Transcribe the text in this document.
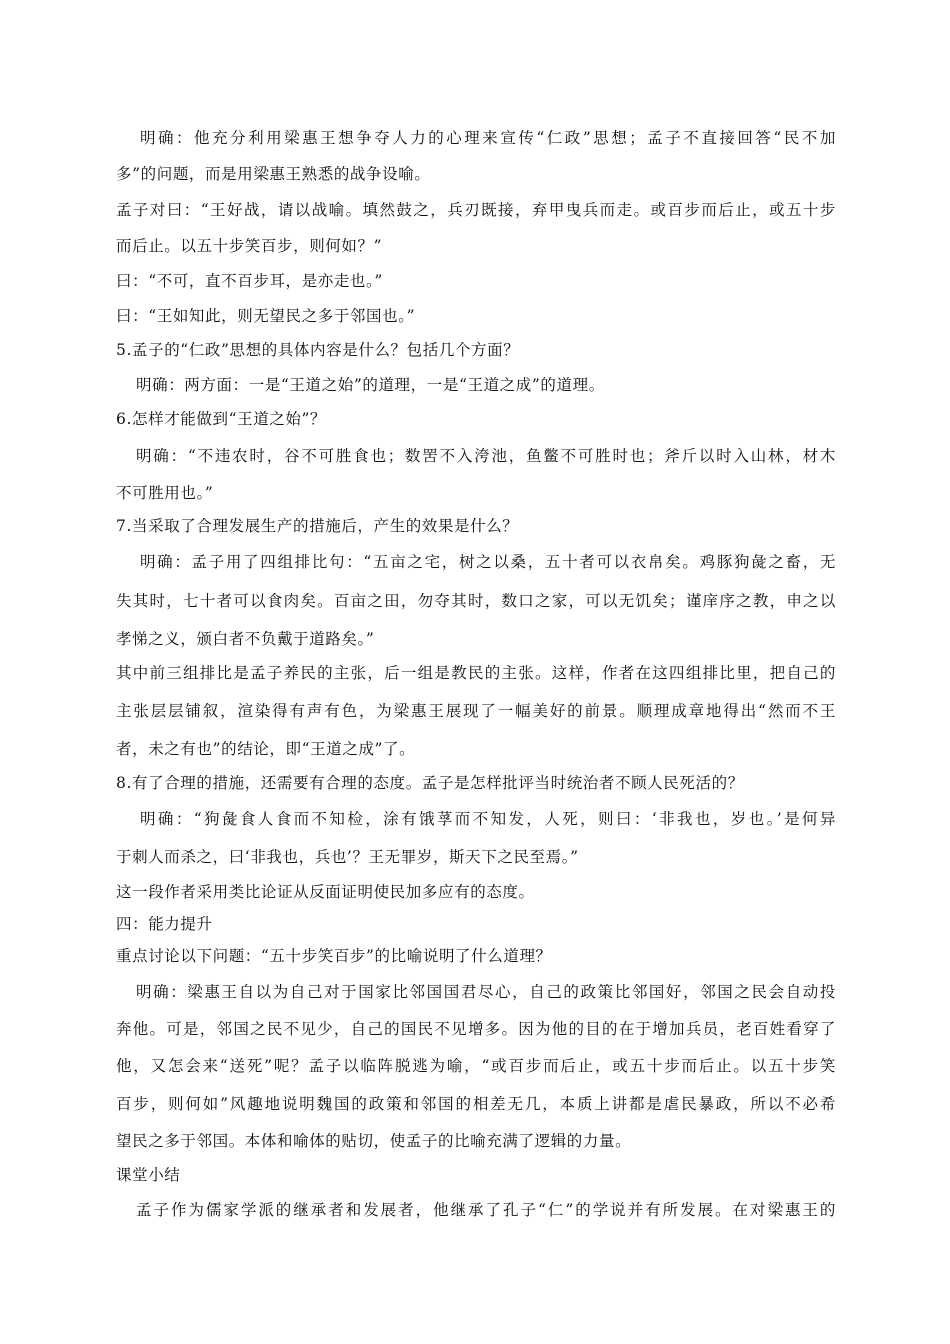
明确：他充分利用梁惠王想争夺人力的心理来宣传“仁政”思想；孟子不直接回答“民不加
多”的问题，而是用梁惠王熟悉的战争设喻。
孟子对曰：“王好战，请以战喻。填然鼓之，兵刃既接，弃甲曳兵而走。或百步而后止，或五十步
而后止。以五十步笑百步，则何如？”
曰：“不可，直不百步耳，是亦走也。”
曰：“王如知此，则无望民之多于邻国也。”
5.孟子的“仁政”思想的具体内容是什么？包括几个方面？
明确：两方面：一是“王道之始”的道理，一是“王道之成”的道理。
6.怎样才能做到“王道之始”？
明确：“不违农时，谷不可胜食也；数罟不入洿池，鱼鳖不可胜时也；斧斤以时入山林，材木
不可胜用也。”
7.当采取了合理发展生产的措施后，产生的效果是什么？
明确：孟子用了四组排比句：“五亩之宅，树之以桑，五十者可以衣帛矣。鸡豚狗彘之畜，无
失其时，七十者可以食肉矣。百亩之田，勿夺其时，数口之家，可以无饥矣；谨庠序之教，申之以
孝悌之义，颁白者不负戴于道路矣。”
其中前三组排比是孟子养民的主张，后一组是教民的主张。这样，作者在这四组排比里，把自己的
主张层层铺叙，渲染得有声有色，为梁惠王展现了一幅美好的前景。顺理成章地得出“然而不王
者，未之有也”的结论，即“王道之成”了。
8.有了合理的措施，还需要有合理的态度。孟子是怎样批评当时统治者不顾人民死活的？
明确：“狗彘食人食而不知检，涂有饿莩而不知发，人死，则曰：‘非我也，岁也。’是何异
于刺人而杀之，曰‘非我也，兵也’？王无罪岁，斯天下之民至焉。”
这一段作者采用类比论证从反面证明使民加多应有的态度。
四：能力提升
重点讨论以下问题：“五十步笑百步”的比喻说明了什么道理？
明确：梁惠王自以为自己对于国家比邻国国君尽心，自己的政策比邻国好，邻国之民会自动投
奔他。可是，邻国之民不见少，自己的国民不见增多。因为他的目的在于增加兵员，老百姓看穿了
他，又怎会来“送死”呢？孟子以临阵脱逃为喻，“或百步而后止，或五十步而后止。以五十步笑
百步，则何如”风趣地说明魏国的政策和邻国的相差无几，本质上讲都是虐民暴政，所以不必希
望民之多于邻国。本体和喻体的贴切，使孟子的比喻充满了逻辑的力量。
课堂小结
孟子作为儒家学派的继承者和发展者，他继承了孔子“仁”的学说并有所发展。在对梁惠王的
